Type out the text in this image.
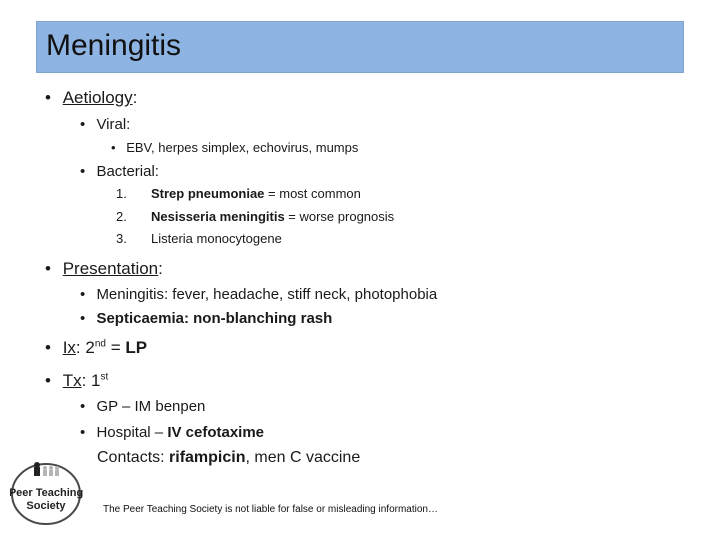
Meningitis
• Aetiology:
• Viral:
• EBV, herpes simplex, echovirus, mumps
• Bacterial:
1. Strep pneumoniae = most common
2. Nesisseria meningitis = worse prognosis
3. Listeria monocytogene
• Presentation:
• Meningitis: fever, headache, stiff neck, photophobia
• Septicaemia: non-blanching rash
• Ix: 2nd = LP
• Tx: 1st
• GP – IM benpen
• Hospital – IV cefotaxime
Contacts: rifampicin, men C vaccine
Peer Teaching
Society	The Peer Teaching Society is not liable for false or misleading information…
